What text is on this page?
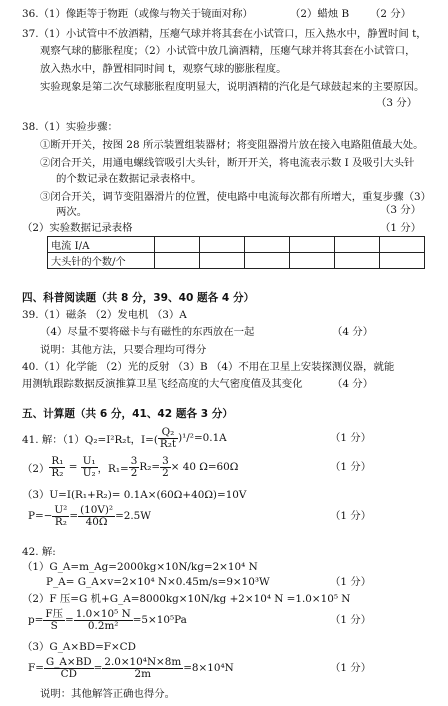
36.（1）像距等于物距（或像与物关于镜面对称）	（2）蜡烛 B （2 分）
37.（1）小试管中不放酒精，压瘪气球并将其套在小试管口，压入热水中，静置时间 t，
观察气球的膨胀程度；（2）小试管中放几滴酒精，压瘪气球并将其套在小试管口，
放入热水中，静置相同时间 t，观察气球的膨胀程度。
实验现象是第二次气球膨胀程度明显大，说明酒精的汽化是气球鼓起来的主要原因。
（3 分）
38.（1）实验步骤：
①断开开关，按图 28 所示装置组装器材；将变阻器滑片放在接入电路阻值最大处。
②闭合开关，用通电螺线管吸引大头针，断开开关，将电流表示数 I 及吸引大头针
的个数记录在数据记录表格中。
③闭合开关，调节变阻器滑片的位置，使电路中电流每次都有所增大，重复步骤（3）
两次。	（3 分）
（2）实验数据记录表格	（1 分）
电流 I/A						
大头针的个数/个						
四、科普阅读题（共 8 分，39、40 题各 4 分）
39.（1）磁条 （2）发电机 （3）A
（4）尽量不要将磁卡与有磁性的东西放在一起	（4 分）
说明：其他方法，只要合理均可得分
40.（1）化学能 （2）光的反射 （3）B （4）不用在卫星上安装探测仪器，就能
用测轨跟踪数据反演推算卫星飞经高度的大气密度值及其变化	（4 分）
五、计算题（共 6 分，41、42 题各 3 分）
41. 解：（1）Q₂=I²R₂t，$I=( \frac{\text{Q₂}}{\text{R₂t}} )^1/^2=0.1A$	（1 分）
$(2) \frac{\text{R₁}}{\text{R₂}} = \frac{\text{U₁}}{\text{U₂}}$ ，$R_1= \frac{3}{2} R_2= \frac{3}{2} \times 40$ Ω=60Ω	（1 分）
（3）U=I(R₁+R₂)= 0.1A×(60Ω+40Ω)=10V
$P=- \frac{\text{U²}}{\text{R₂}} = \frac{\text{(10V)²}}{40\Omega} =2.5W$	（1 分）
42. 解:
（1）G_A=m_Ag=2000kg×10N/kg=2×10⁴ N
P_A= G_A×v=2×10⁴ N×0.45m/s=9×10³W	（1 分）
（2）F 压=G 机+G_A=8000kg×10N/kg +2×10⁴ N =1.0×10⁵ N
$p= \frac{\text{F压}}{S} = \frac{\text{1.0×10⁵ N}}{\text{0.2m²}} =5\times 10^5Pa$	（1 分）
（3）G_A×BD=F×CD
$F= \frac{G\_A\times BD}{CD} = \frac{\text{2.0×10⁴N×8m}}{2m} =8\times 10^4N$	（1 分）
说明：其他解答正确也得分。
